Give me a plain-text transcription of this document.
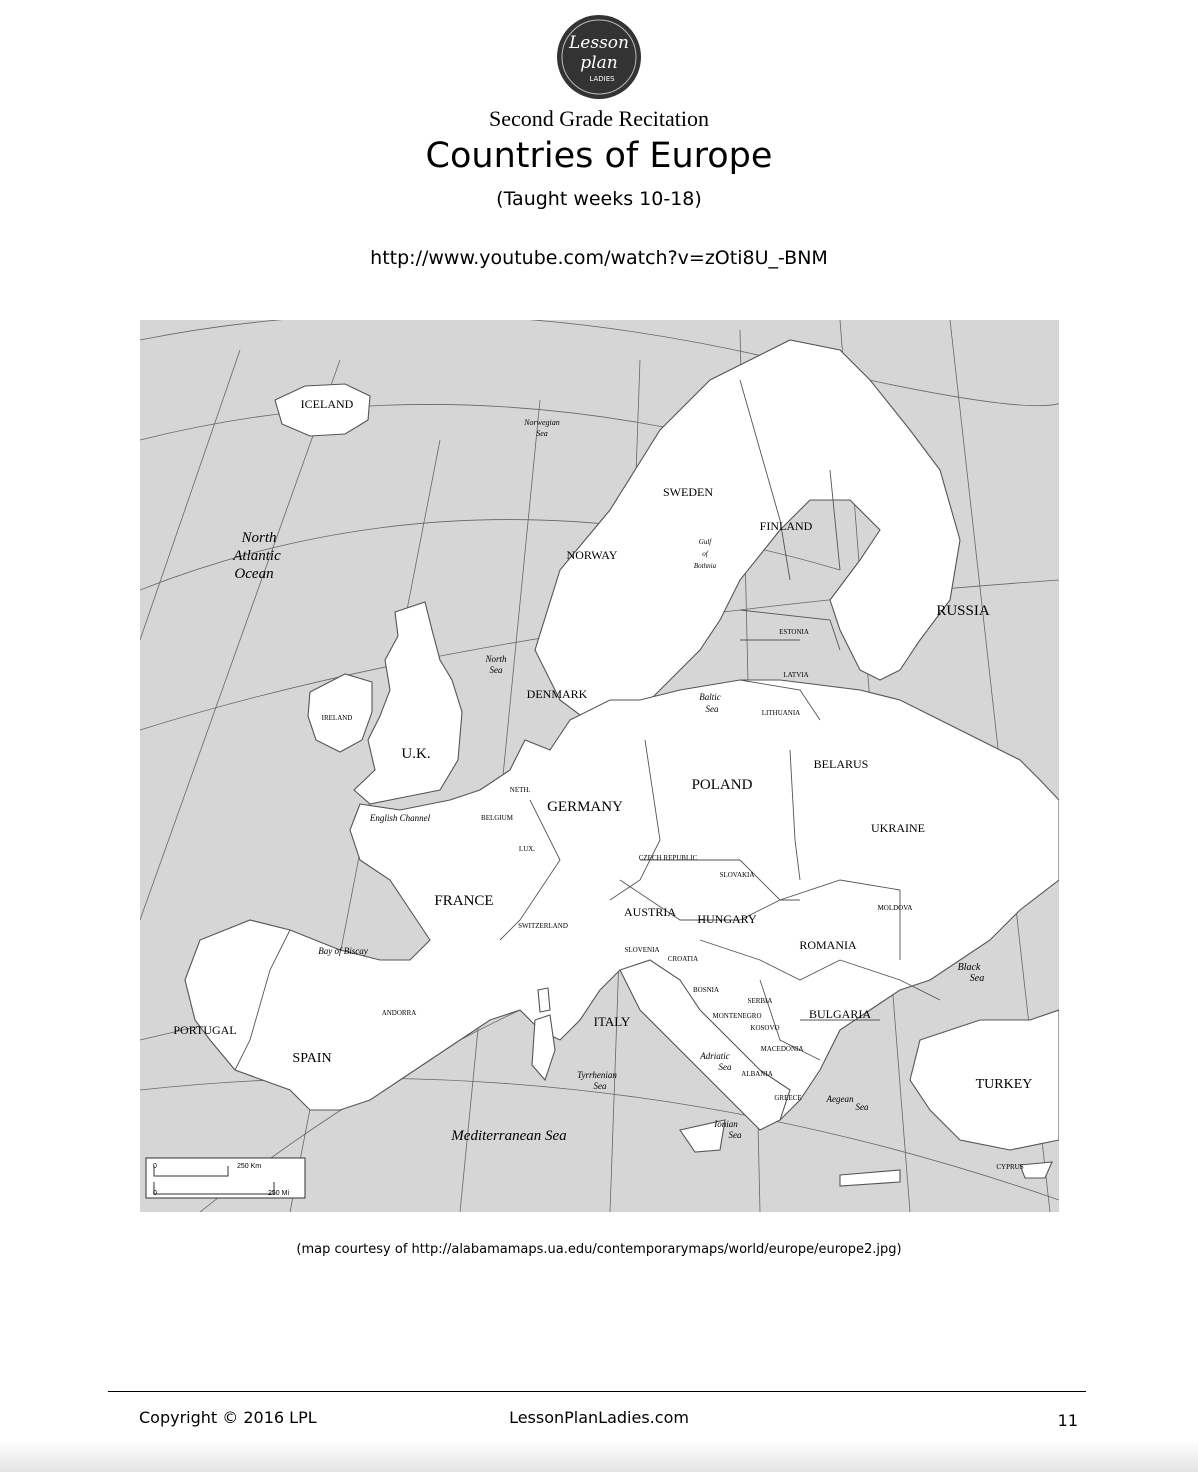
Lesson
plan
LADIES
Second Grade Recitation
Countries of Europe
(Taught weeks 10-18)
http://www.youtube.com/watch?v=zOti8U_-BNM
ICELAND
NORWAY
SWEDEN
FINLAND
RUSSIA
ESTONIA
LATVIA
LITHUANIA
DENMARK
IRELAND
U.K.
NETH.
BELGIUM
LUX.
GERMANY
POLAND
BELARUS
UKRAINE
CZECH REPUBLIC
SLOVAKIA
FRANCE
SWITZERLAND
AUSTRIA HUNGARY
MOLDOVA
ROMANIA
SLOVENIA
CROATIA
BOSNIA
SERBIA
MONTENEGRO
KOSOVO
MACEDONIA
ALBANIA
BULGARIA
GREECE
TURKEY
CYPRUS
ITALY
SPAIN
PORTUGAL
ANDORRA
North
Atlantic
Ocean
Norwegian
Sea
North
Sea
Gulf
of
Bothnia
Baltic
Sea
English Channel
Bay of Biscay
Black
Sea
Adriatic
Sea
Tyrrhenian
Sea
Ionian
Sea
Aegean
Sea
Mediterranean Sea
0	250 Km
0	250 Mi
(map courtesy of http://alabamamaps.ua.edu/contemporarymaps/world/europe/europe2.jpg)
Copyright © 2016 LPL	LessonPlanLadies.com	11
